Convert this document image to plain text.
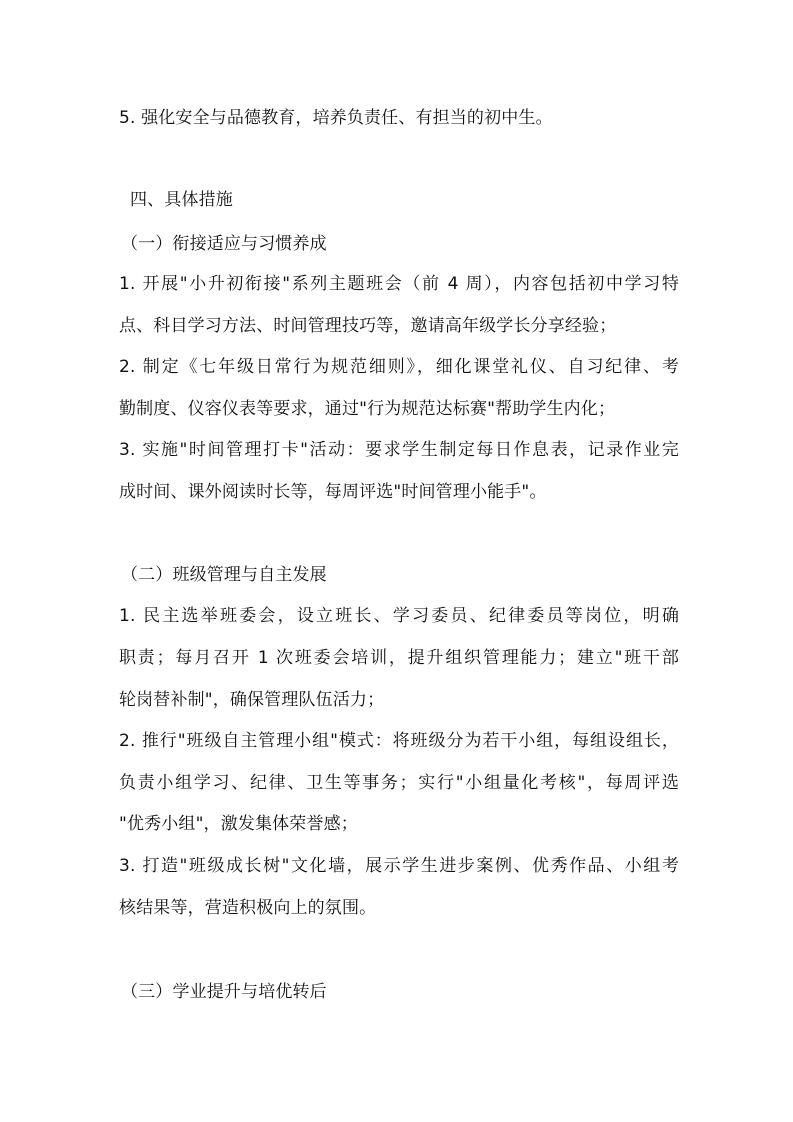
5. 强化安全与品德教育，培养负责任、有担当的初中生。
四、具体措施
（一）衔接适应与习惯养成
1. 开展"小升初衔接"系列主题班会（前 4 周），内容包括初中学习特
点、科目学习方法、时间管理技巧等，邀请高年级学长分享经验；
2. 制定《七年级日常行为规范细则》，细化课堂礼仪、自习纪律、考
勤制度、仪容仪表等要求，通过"行为规范达标赛"帮助学生内化；
3. 实施"时间管理打卡"活动：要求学生制定每日作息表，记录作业完
成时间、课外阅读时长等，每周评选"时间管理小能手"。
（二）班级管理与自主发展
1. 民主选举班委会，设立班长、学习委员、纪律委员等岗位，明确
职责；每月召开 1 次班委会培训，提升组织管理能力；建立"班干部
轮岗替补制"，确保管理队伍活力；
2. 推行"班级自主管理小组"模式：将班级分为若干小组，每组设组长，
负责小组学习、纪律、卫生等事务；实行"小组量化考核"，每周评选
"优秀小组"，激发集体荣誉感；
3. 打造"班级成长树"文化墙，展示学生进步案例、优秀作品、小组考
核结果等，营造积极向上的氛围。
（三）学业提升与培优转后
